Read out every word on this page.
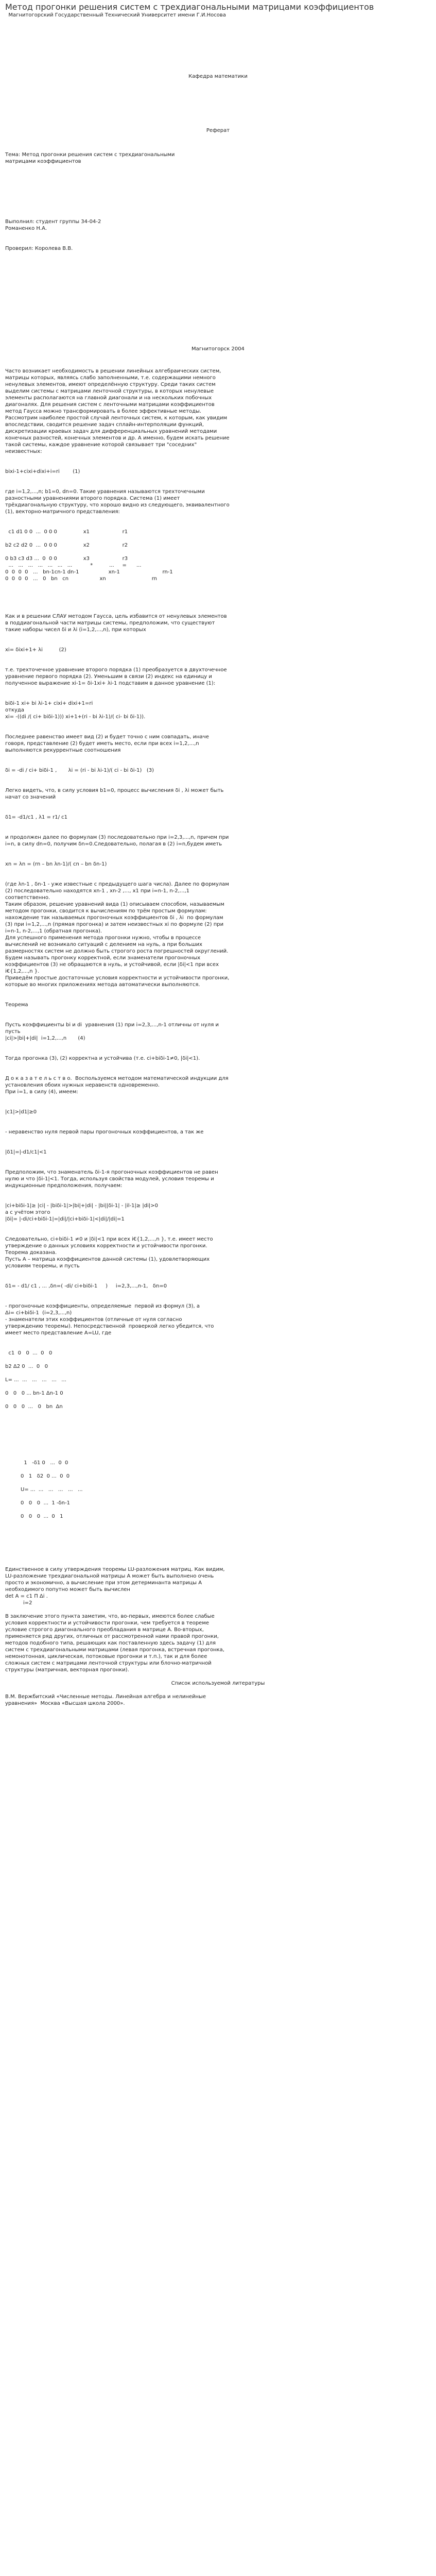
Метод прогонки решения систем с трехдиагональными матрицами коэффициентов
Магнитогорский Государственный Технический Университет имени Г.И.Носова
Кафедра математики
Реферат
Тема: Метод прогонки решения систем с трехдиагональными
матрицами коэффициентов
Выполнил: студент группы 34-04-2
Романенко Н.А.
Проверил: Королева В.В.
Магнитогорск 2004
Часто возникает необходимость в решении линейных алгебраических систем,
матрицы которых, являясь слабо заполненными, т.е. содержащими немного
ненулевых элементов, имеют определённую структуру. Среди таких систем
выделим системы с матрицами ленточной структуры, в которых ненулевые
элементы располагаются на главной диагонали и на нескольких побочных
диагоналях. Для решения систем с ленточными матрицами коэффициентов
метод Гаусса можно трансформировать в более эффективные методы.
Рассмотрим наиболее простой случай ленточных систем, к которым, как увидим
впоследствии, сводится решение задач сплайн-интерполяции функций,
дискретизации краевых задач для дифференциальных уравнений методами
конечных разностей, конечных элементов и др. А именно, будем искать решение
такой системы, каждое уравнение которой связывает три "соседних"
неизвестных:
bixi-1+cixi+dixi+i=ri        (1)
где i=1,2,...,n; b1=0, dn=0. Такие уравнения называются трехточечными
разностными уравнениями второго порядка. Система (1) имеет
трёхдиагональную структуру, что хорошо видно из следующего, эквивалентного
(1), векторно-матричного представления:
c1 d1 0 0  ...  0 0 0                x1                    r1
b2 c2 d2 0  ...  0 0 0                x2                    r2
0 b3 c3 d3 ...  0  0 0                x3                    r3
...   ...   ...   ...   ...   ...   ...           *          ...     =      ...
0  0  0  0   ...   bn-1cn-1 dn-1                  xn-1                          rn-1
0  0  0  0   ...   0   bn   cn                   xn                            rn
Как и в решении СЛАУ методом Гаусса, цель избавится от ненулевых элементов
в поддиагональной части матрицы системы, предположим, что существуют
такие наборы чисел δi и λi (i=1,2,...,n), при которых
xi= δixi+1+ λi          (2)
т.е. трехточечное уравнение второго порядка (1) преобразуется в двухточечное
уравнение первого порядка (2). Уменьшим в связи (2) индекс на единицу и
полученное выражение xi-1= δi-1xi+ λi-1 подставим в данное уравнение (1):
biδi-1 xi+ bi λi-1+ cixi+ dixi+1=ri
откуда
xi= -((di /( ci+ biδi-1))) xi+1+(ri - bi λi-1)/( ci- bi δi-1)).
Последнее равенство имеет вид (2) и будет точно с ним совпадать, иначе
говоря, представление (2) будет иметь место, если при всех i=1,2,...,n
выполняются рекуррентные соотношения
δi = -di / ci+ biδi-1 ,       λi = (ri - bi λi-1)/( ci - bi δi-1)   (3)
Легко видеть, что, в силу условия b1=0, процесс вычисления δi , λi может быть
начат со значений
δ1= -d1/c1 , λ1 = r1/ c1
и продолжен далее по формулам (3) последовательно при i=2,3,...,n, причем при
i=n, в силу dn=0, получим δn=0.Следовательно, полагая в (2) i=n,будем иметь
xn = λn = (rn – bn λn-1)/( cn – bn δn-1)
(где λn-1 , δn-1 - уже известные с предыдущего шага числа). Далее по формулам
(2) последовательно находятся xn-1 , xn-2 ,..., x1 при i=n-1, n-2,...,1
соответственно.
Таким образом, решение уравнений вида (1) описываем способом, называемым
методом прогонки, сводится к вычислениям по трём простым формулам:
нахождение так называемых прогоночных коэффициентов δi , λi  по формулам
(3) при i=1,2,...,n (прямая прогонка) и затем неизвестных xi по формуле (2) при
i=n-1, n-2,...,1 (обратная прогонка).
Для успешного применения метода прогонки нужно, чтобы в процессе
вычислений не возникало ситуаций с делением на нуль, а при больших
размерностях систем не должно быть строгого роста погрешностей округлений.
Будем называть прогонку корректной, если знаменатели прогоночных
коэффициентов (3) не обращаются в нуль, и устойчивой, если |δi|<1 при всех
i€{1,2,...,n }.
Приведём простые достаточные условия корректности и устойчивости прогонки,
которые во многих приложениях метода автоматически выполняются.
Теорема
Пусть коэффициенты bi и di  уравнения (1) при i=2,3,...,n-1 отличны от нуля и
пусть
|ci|>|bi|+|di|  i=1,2,...,n       (4)
Тогда прогонка (3), (2) корректна и устойчива (т.е. ci+biδi-1≠0, |δi|<1).
Д о к а з а т е л ь с т в о.  Воспользуемся методом математической индукции для
установления обоих нужных неравенств одновременно.
При i=1, в силу (4), имеем:
|c1|>|d1|≥0
- неравенство нуля первой пары прогоночных коэффициентов, а так же
|δ1|=|-d1/c1|<1
Предположим, что знаменатель δi-1-я прогоночных коэффициентов не равен
нулю и что |δi-1|<1. Тогда, используя свойства модулей, условия теоремы и
индукционные предположения, получаем:
|ci+biδi-1|≥ |ci| - |biδi-1|>|bi|+|di| - |bi||δi-1| - |il-1|≥ |di|>0
a с учётом этого
|δi|= |-di/ci+biδi-1|=|di|/|ci+biδi-1|<|di|/|di|=1
Следовательно, ci+biδi-1 ≠0 и |δi|<1 при всех i€{1,2,...,n }, т.е. имеет место
утверждение о данных условиях корректности и устойчивости прогонки.
Теорема доказана.
Пусть A – матрица коэффициентов данной системы (1), удовлетворяющих
условиям теоремы, и пусть
δ1= - d1/ c1 , ... ,δn=( -di/ ci+biδi-1     )     i=2,3,...,n-1,   δn=0
- прогоночные коэффициенты, определяемые  первой из формул (3), а
Δi= ci+biδi-1  (i=2,3,...,n)
- знаменатели этих коэффициентов (отличные от нуля согласно
утверждению теоремы). Непосредственной  проверкой легко убедится, что
имеет место представление A=LU, где
c1  0   0  ...  0   0
b2 Δ2 0  ...  0   0
L= ...  ...   ...   ...   ...   ...
0   0   0 ... bn-1 Δn-1 0
0   0   0  ...   0   bn  Δn
1   -δ1 0   ...  0  0
0   1   δ2  0 ...  0  0
U= ...  ...   ...   ...   ...   ...
0   0   0  ...  1 -δn-1
0   0   0  ...  0   1
Единственное в силу утверждения теоремы LU-разложения матриц. Как видим,
LU-разложение трехдиагональной матрицы A может быть выполнено очень
просто и экономично, а вычисление при этом детерминанта матрицы A
необходимого попутно может быть вычислен
det A = c1 Π Δi .
i=2
В заключение этого пункта заметим, что, во-первых, имеются более слабые
условия корректности и устойчивости прогонки, чем требуется в теореме
условие строгого диагонального преобладания в матрице A. Во-вторых,
применяется ряд других, отличных от рассмотренной нами правой прогонки,
методов подобного типа, решающих как поставленную здесь задачу (1) для
систем с трехдиагональными матрицами (левая прогонка, встречная прогонка,
немонотонная, циклическая, потоковые прогонки и т.п.), так и для более
сложных систем с матрицами ленточной структуры или блочно-матричной
структуры (матричная, векторная прогонки).
Список используемой литературы
В.М. Вержбитский «Численные методы. Линейная алгебра и нелинейные
уравнения»  Москва «Высшая школа 2000».
